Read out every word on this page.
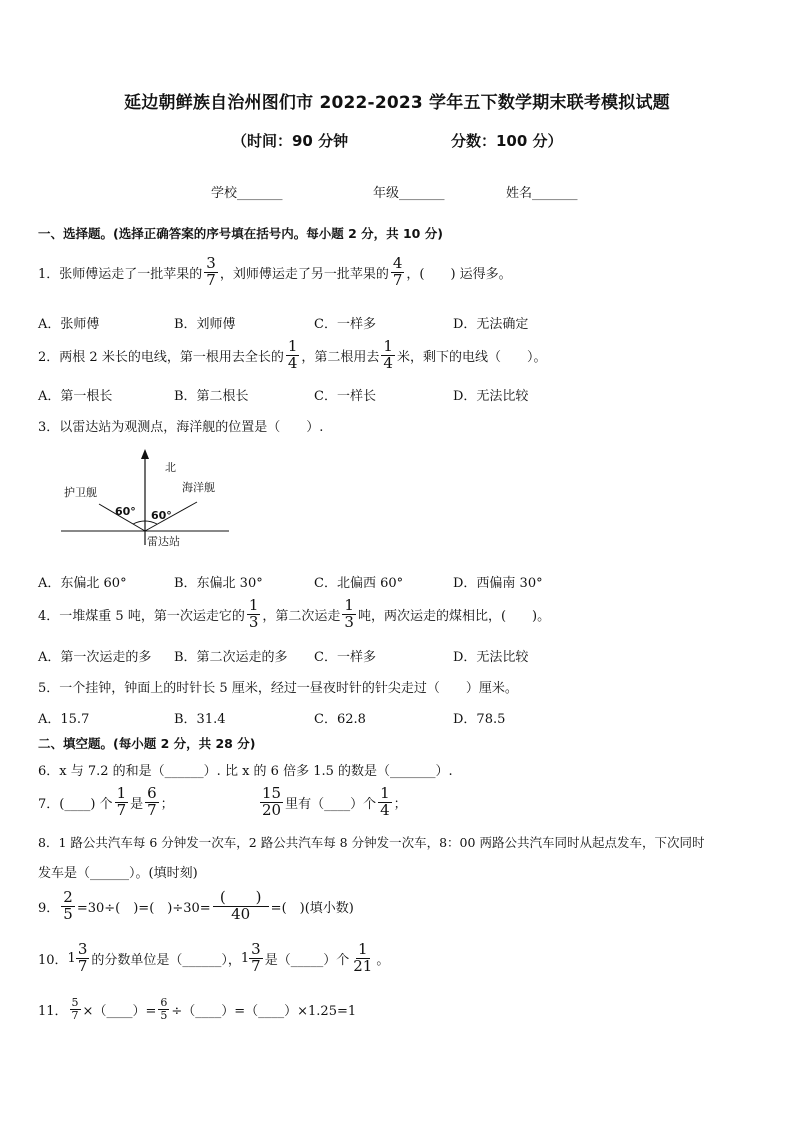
延边朝鲜族自治州图们市 2022-2023 学年五下数学期末联考模拟试题
（时间：90 分钟	分数：100 分）
学校_______	年级_______	姓名_______
一、选择题。(选择正确答案的序号填在括号内。每小题 2 分，共 10 分)
1． 张师傅运走了一批苹果的 $\frac{3}{7}$ ，刘师傅运走了另一批苹果的 $\frac{4}{7}$ ，(　　) 运得多。
A．张师傅	B．刘师傅	C．一样多	D．无法确定
2． 两根 2 米长的电线，第一根用去全长的 $\frac{1}{4}$ ，第二根用去 $\frac{1}{4}$ 米，剩下的电线（　　）。
A．第一根长	B．第二根长	C．一样长	D．无法比较
3．以雷达站为观测点，海洋舰的位置是（　　）.
北
护卫舰	海洋舰
60° 60°
雷达站
A．东偏北 60°	B．东偏北 30°	C．北偏西 60°	D．西偏南 30°
4． 一堆煤重 5 吨，第一次运走它的 $\frac{1}{3}$ ，第二次运走 $\frac{1}{3}$ 吨，两次运走的煤相比，(　　)。
A．第一次运走的多 B．第二次运走的多 C．一样多	D．无法比较
5．一个挂钟，钟面上的时针长 5 厘米，经过一昼夜时针的针尖走过（　　）厘米。
A．15.7	B．31.4	C．62.8	D．78.5
二、填空题。(每小题 2 分，共 28 分)
6．x 与 7.2 的和是（______）. 比 x 的 6 倍多 1.5 的数是（_______）.
7． (____) 个 $\frac{1}{7}$ 是 $\frac{6}{7}$ ；	$\frac{15}{20}$ 里有（____）个 $\frac{1}{4}$ ；
8．1 路公共汽车每 6 分钟发一次车，2 路公共汽车每 8 分钟发一次车，8：00 两路公共汽车同时从起点发车，下次同时
发车是（______）。(填时刻)
9． $\frac{2}{5} =30\div$(　)=(　)$\div 30= \frac{( )}{40}$ =(　)(填小数)
10． $1 \frac{3}{7}$ 的分数单位是（______）， $1 \frac{3}{7}$ 是（_____）个 $\frac{1}{21}$ 。
11． $\frac{5}{7}$ ×（____）= $\frac{6}{5}$ ÷（____）=（____）×1.25=1
